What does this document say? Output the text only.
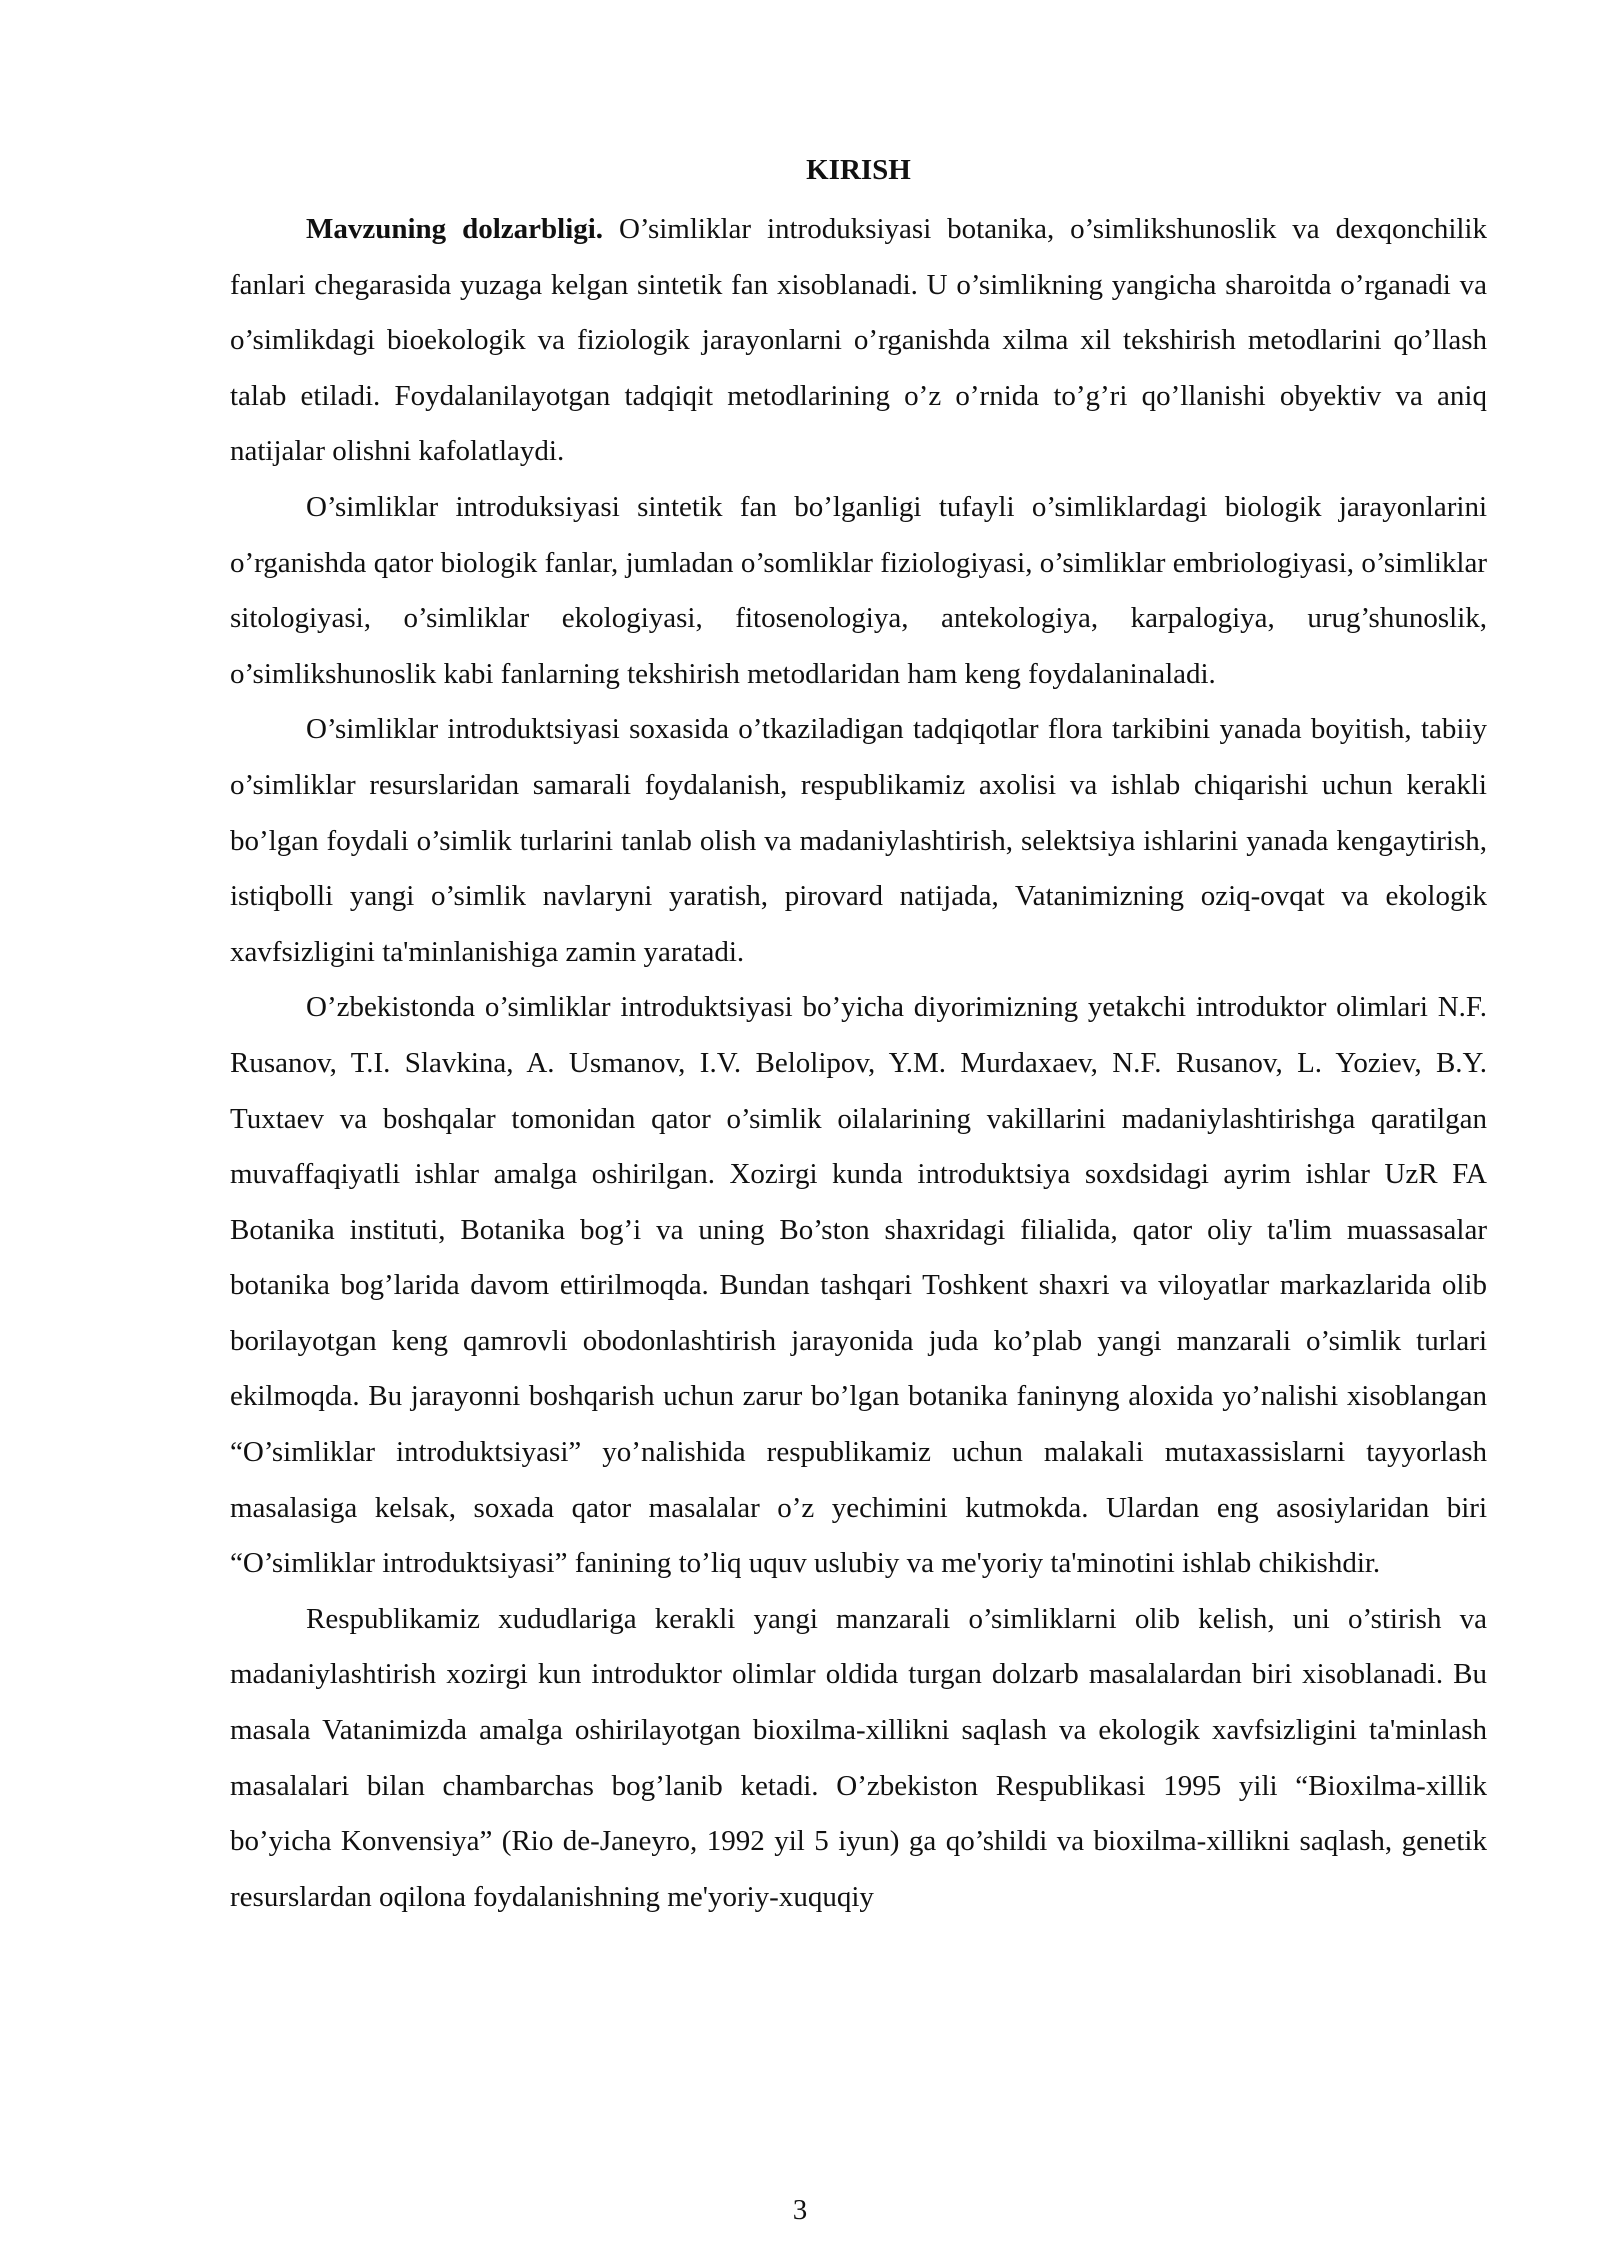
KIRISH

Mavzuning dolzarbligi. O’simliklar introduksiyasi botanika, o’simlikshunoslik va dexqonchilik fanlari chegarasida yuzaga kelgan sintetik fan xisoblanadi. U o’simlikning yangicha sharoitda o’rganadi va o’simlikdagi bioekologik va fiziologik jarayonlarni o’rganishda xilma xil tekshirish metodlarini qo’llash talab etiladi. Foydalanilayotgan tadqiqit metodlarining o’z o’rnida to’g’ri qo’llanishi obyektiv va aniq natijalar olishni kafolatlaydi.

O’simliklar introduksiyasi sintetik fan bo’lganligi tufayli o’simliklardagi biologik jarayonlarini o’rganishda qator biologik fanlar, jumladan o’somliklar fiziologiyasi, o’simliklar embriologiyasi, o’simliklar sitologiyasi, o’simliklar ekologiyasi, fitosenologiya, antekologiya, karpalogiya, urug’shunoslik, o’simlikshunoslik kabi fanlarning tekshirish metodlaridan ham keng foydalaninaladi.

O’simliklar introduktsiyasi soxasida o’tkaziladigan tadqiqotlar flora tarkibini yanada boyitish, tabiiy o’simliklar resurslaridan samarali foydalanish, respublikamiz axolisi va ishlab chiqarishi uchun kerakli bo’lgan foydali o’simlik turlarini tanlab olish va madaniylashtirish, selektsiya ishlarini yanada kengaytirish, istiqbolli yangi o’simlik navlaryni yaratish, pirovard natijada, Vatanimizning oziq-ovqat va ekologik xavfsizligini ta'minlanishiga zamin yaratadi.

O’zbekistonda o’simliklar introduktsiyasi bo’yicha diyorimizning yetakchi introduktor olimlari N.F. Rusanov, T.I. Slavkina, A. Usmanov, I.V. Belolipov, Y.M. Murdaxaev, N.F. Rusanov, L. Yoziev, B.Y. Tuxtaev va boshqalar tomonidan qator o’simlik oilalarining vakillarini madaniylashtirishga qaratilgan muvaffaqiyatli ishlar amalga oshirilgan. Xozirgi kunda introduktsiya soxdsidagi ayrim ishlar UzR FA Botanika instituti, Botanika bog’i va uning Bo’ston shaxridagi filialida, qator oliy ta'lim muassasalar botanika bog’larida davom ettirilmoqda. Bundan tashqari Toshkent shaxri va viloyatlar markazlarida olib borilayotgan keng qamrovli obodonlashtirish jarayonida juda ko’plab yangi manzarali o’simlik turlari ekilmoqda. Bu jarayonni boshqarish uchun zarur bo’lgan botanika faninyng aloxida yo’nalishi xisoblangan “O’simliklar introduktsiyasi” yo’nalishida respublikamiz uchun malakali mutaxassislarni tayyorlash masalasiga kelsak, soxada qator masalalar o’z yechimini kutmokda. Ulardan eng asosiylaridan biri “O’simliklar introduktsiyasi” fanining to’liq uquv uslubiy va me'yoriy ta'minotini ishlab chikishdir.

Respublikamiz xududlariga kerakli yangi manzarali o’simliklarni olib kelish, uni o’stirish va madaniylashtirish xozirgi kun introduktor olimlar oldida turgan dolzarb masalalardan biri xisoblanadi. Bu masala Vatanimizda amalga oshirilayotgan bioxilma-xillikni saqlash va ekologik xavfsizligini ta'minlash masalalari bilan chambarchas bog’lanib ketadi. O’zbekiston Respublikasi 1995 yili “Bioxilma-xillik bo’yicha Konvensiya” (Rio de-Janeyro, 1992 yil 5 iyun) ga qo’shildi va bioxilma-xillikni saqlash, genetik resurslardan oqilona foydalanishning me'yoriy-xuquqiy

3
